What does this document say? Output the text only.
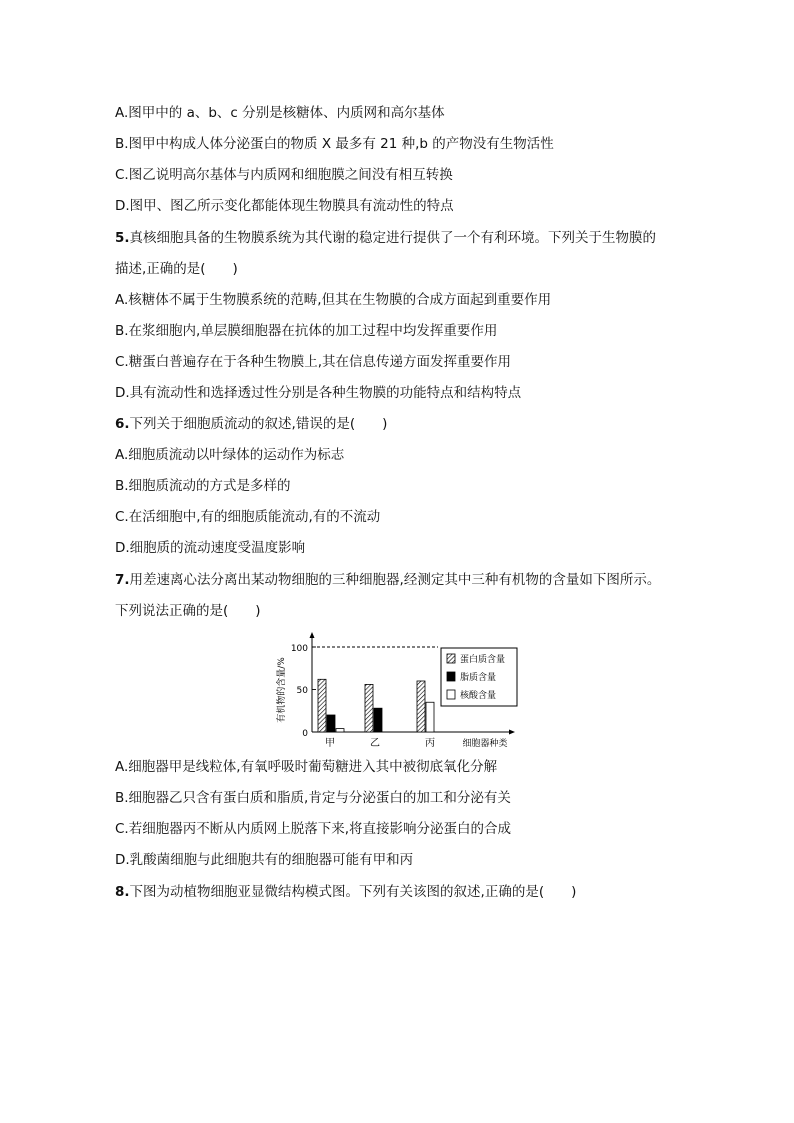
A.图甲中的 a、b、c 分别是核糖体、内质网和高尔基体
B.图甲中构成人体分泌蛋白的物质 X 最多有 21 种,b 的产物没有生物活性
C.图乙说明高尔基体与内质网和细胞膜之间没有相互转换
D.图甲、图乙所示变化都能体现生物膜具有流动性的特点
5.真核细胞具备的生物膜系统为其代谢的稳定进行提供了一个有利环境。下列关于生物膜的
描述,正确的是(　　)
A.核糖体不属于生物膜系统的范畴,但其在生物膜的合成方面起到重要作用
B.在浆细胞内,单层膜细胞器在抗体的加工过程中均发挥重要作用
C.糖蛋白普遍存在于各种生物膜上,其在信息传递方面发挥重要作用
D.具有流动性和选择透过性分别是各种生物膜的功能特点和结构特点
6.下列关于细胞质流动的叙述,错误的是(　　)
A.细胞质流动以叶绿体的运动作为标志
B.细胞质流动的方式是多样的
C.在活细胞中,有的细胞质能流动,有的不流动
D.细胞质的流动速度受温度影响
7.用差速离心法分离出某动物细胞的三种细胞器,经测定其中三种有机物的含量如下图所示。
下列说法正确的是(　　)
有机物的含量/%
0
50
100
甲	乙	丙	细胞器种类
蛋白质含量
脂质含量
核酸含量
A.细胞器甲是线粒体,有氧呼吸时葡萄糖进入其中被彻底氧化分解
B.细胞器乙只含有蛋白质和脂质,肯定与分泌蛋白的加工和分泌有关
C.若细胞器丙不断从内质网上脱落下来,将直接影响分泌蛋白的合成
D.乳酸菌细胞与此细胞共有的细胞器可能有甲和丙
8.下图为动植物细胞亚显微结构模式图。下列有关该图的叙述,正确的是(　　)
